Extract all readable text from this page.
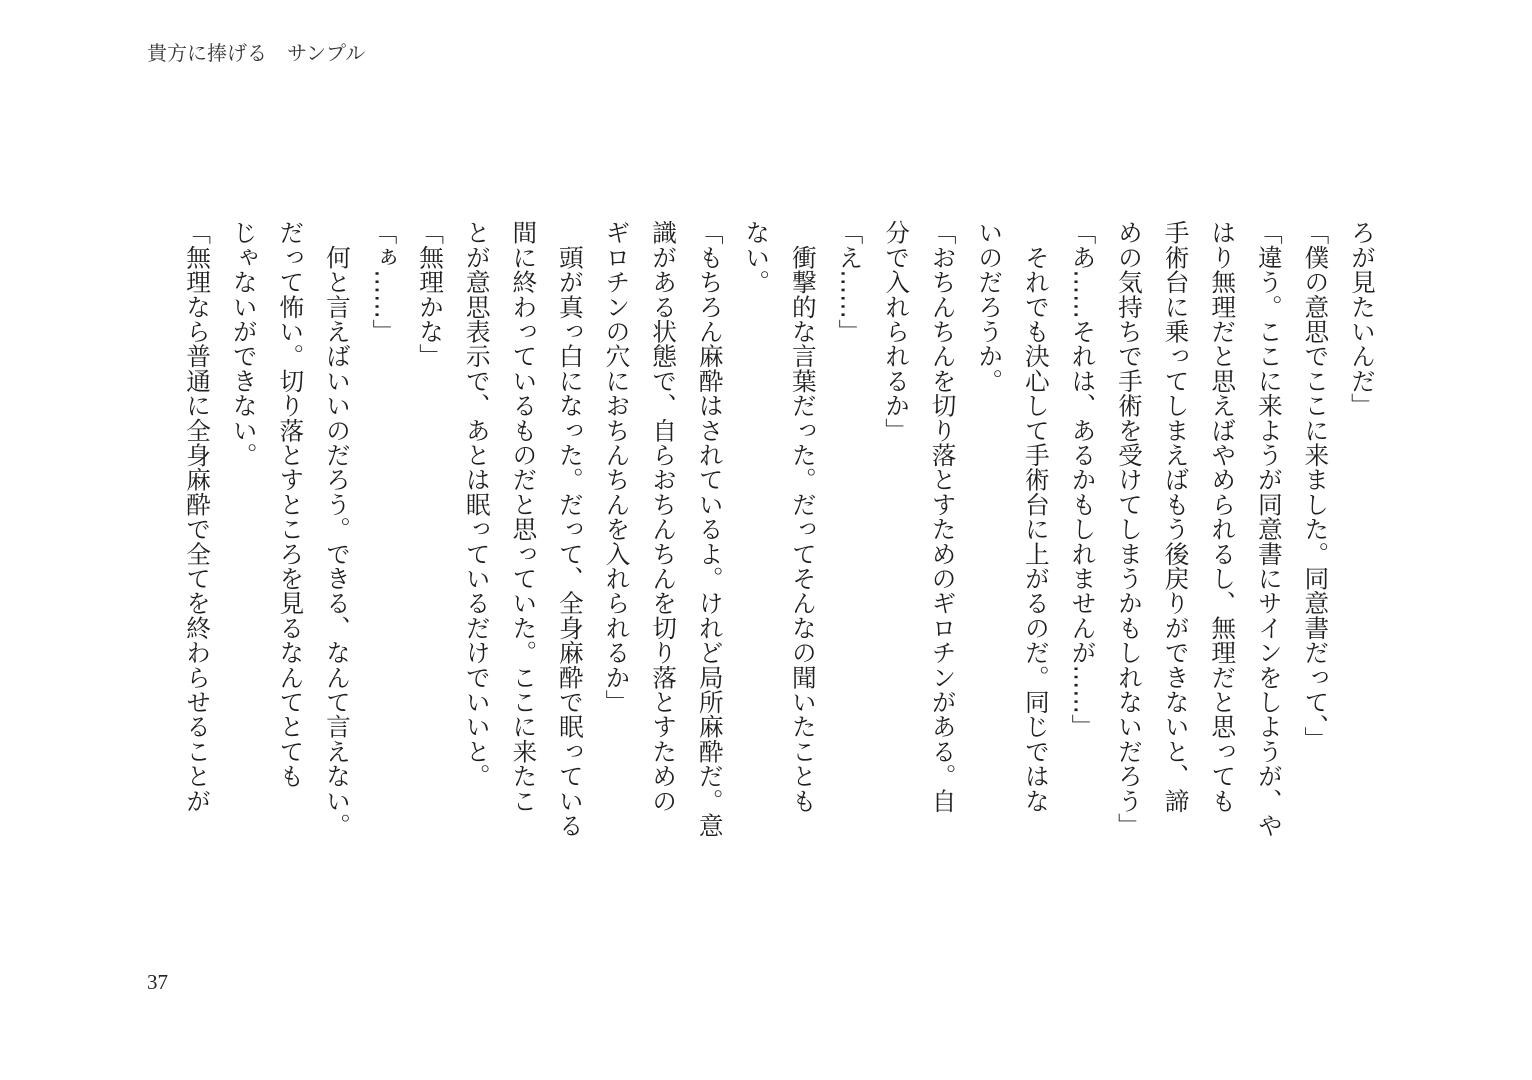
貴方に捧げる　サンプル
ろが見たいんだ」
「僕の意思でここに来ました。同意書だって、」
「違う。ここに来ようが同意書にサインをしようが、や
はり無理だと思えばやめられるし、無理だと思っても
手術台に乗ってしまえばもう後戻りができないと、諦
めの気持ちで手術を受けてしまうかもしれないだろう」
「あ……それは、あるかもしれませんが……」
　それでも決心して手術台に上がるのだ。同じではな
いのだろうか。
「おちんちんを切り落とすためのギロチンがある。自
分で入れられるか」
「え……」
　衝撃的な言葉だった。だってそんなの聞いたことも
ない。
「もちろん麻酔はされているよ。けれど局所麻酔だ。意
識がある状態で、自らおちんちんを切り落とすための
ギロチンの穴におちんちんを入れられるか」
　頭が真っ白になった。だって、全身麻酔で眠っている
間に終わっているものだと思っていた。ここに来たこ
とが意思表示で、あとは眠っているだけでいいと。
「無理かな」
「ぁ……」
　何と言えばいいのだろう。できる、なんて言えない。
だって怖い。切り落とすところを見るなんてとても
じゃないができない。
「無理なら普通に全身麻酔で全てを終わらせることが
37
